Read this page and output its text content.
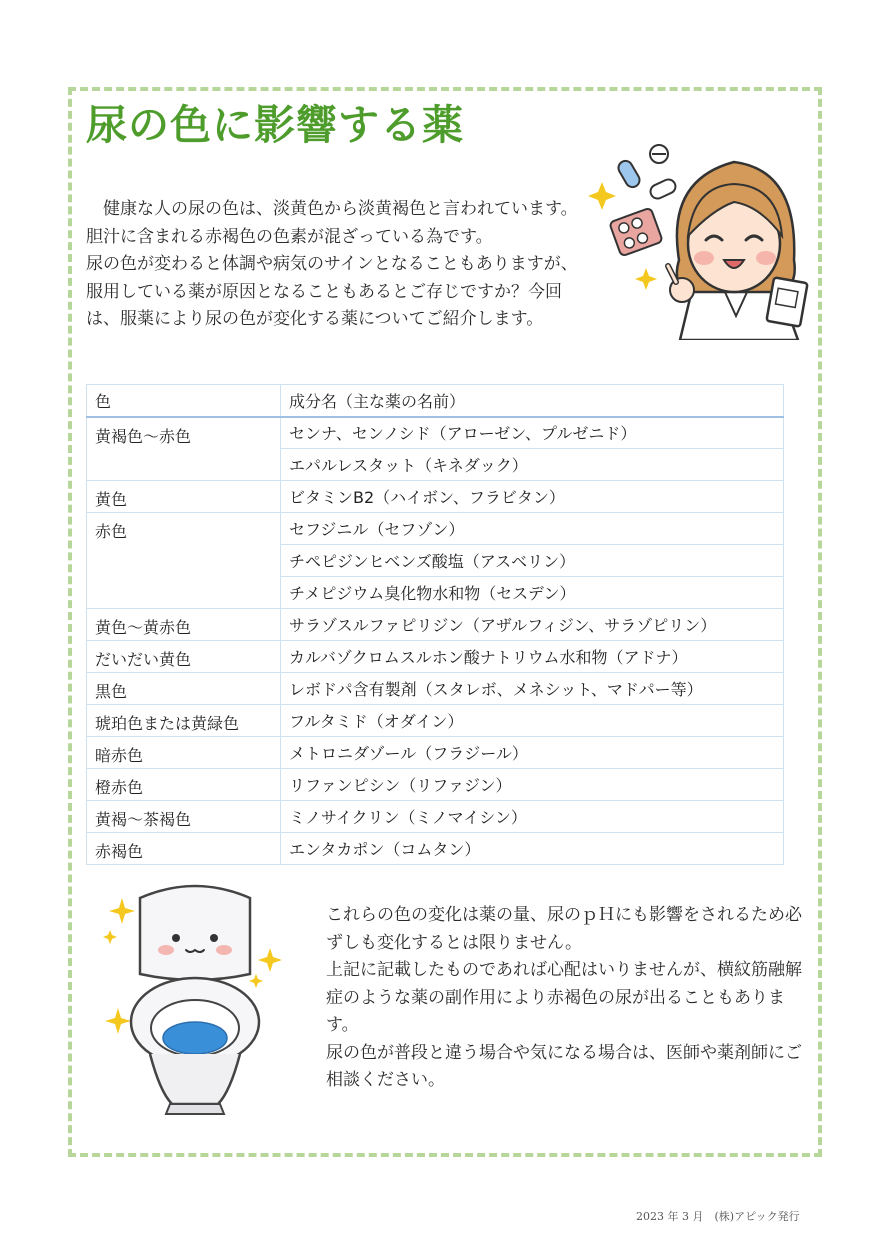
尿の色に影響する薬

健康な人の尿の色は、淡黄色から淡黄褐色と言われています。胆汁に含まれる赤褐色の色素が混ざっている為です。

尿の色が変わると体調や病気のサインとなることもありますが、服用している薬が原因となることもあるとご存じですか？今回は、服薬により尿の色が変化する薬についてご紹介します。

色	成分名（主な薬の名前）
黄褐色～赤色	センナ、センノシド（アローゼン、プルゼニド）
	エパルレスタット（キネダック）
黄色	ビタミンB2（ハイボン、フラビタン）
赤色	セフジニル（セフゾン）
	チペピジンヒベンズ酸塩（アスベリン）
	チメピジウム臭化物水和物（セスデン）
黄色～黄赤色	サラゾスルファピリジン（アザルフィジン、サラゾピリン）
だいだい黄色	カルバゾクロムスルホン酸ナトリウム水和物（アドナ）
黒色	レボドパ含有製剤（スタレボ、メネシット、マドパー等）
琥珀色または黄緑色	フルタミド（オダイン）
暗赤色	メトロニダゾール（フラジール）
橙赤色	リファンピシン（リファジン）
黄褐～茶褐色	ミノサイクリン（ミノマイシン）
赤褐色	エンタカポン（コムタン）

これらの色の変化は薬の量、尿のｐＨにも影響をされるため必ずしも変化するとは限りません。

上記に記載したものであれば心配はいりませんが、横紋筋融解症のような薬の副作用により赤褐色の尿が出ることもあります。

尿の色が普段と違う場合や気になる場合は、医師や薬剤師にご相談ください。

2023 年 3 月　(株)アピック発行
